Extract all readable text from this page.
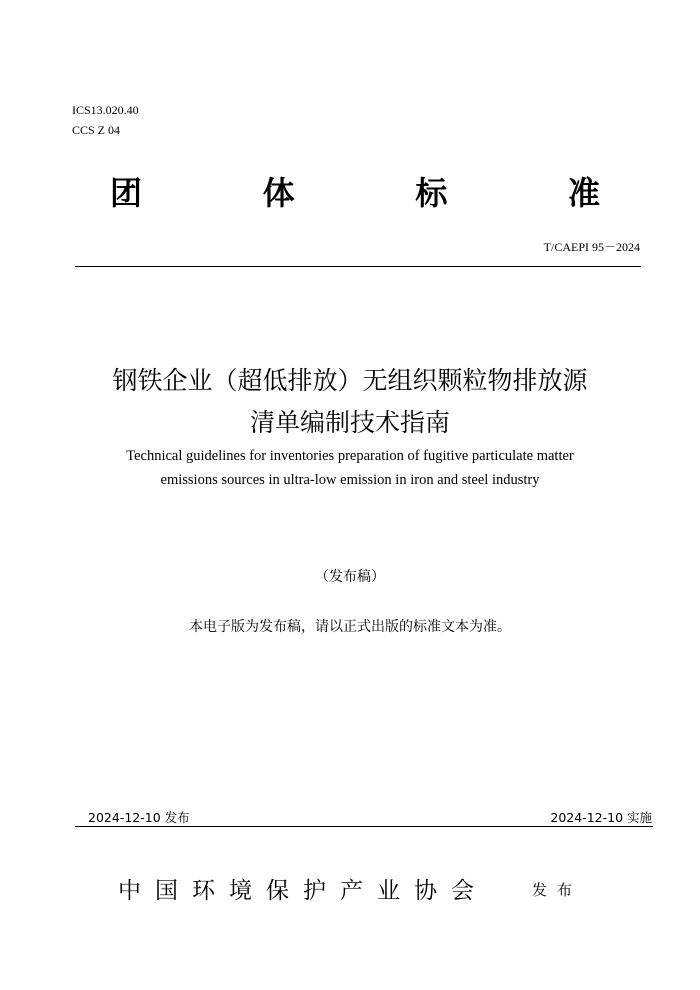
ICS13.020.40
CCS Z 04
团	体	标	准
T/CAEPI 95－2024
钢铁企业（超低排放）无组织颗粒物排放源
清单编制技术指南
Technical guidelines for inventories preparation of fugitive particulate matter
emissions sources in ultra-low emission in iron and steel industry
（发布稿）
本电子版为发布稿，请以正式出版的标准文本为准。
2024-12-10 发布	2024-12-10 实施
中国环境保护产业协会	发布
